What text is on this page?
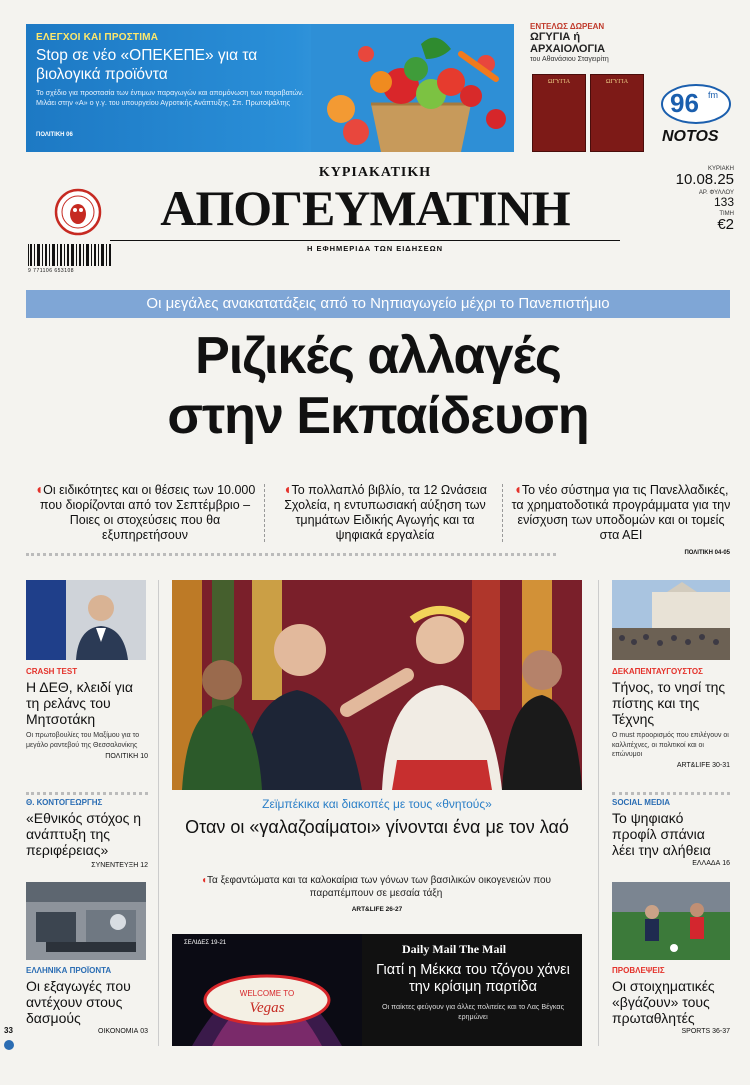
ΕΛΕΓΧΟΙ ΚΑΙ ΠΡΟΣΤΙΜΑ
Stop σε νέο «ΟΠΕΚΕΠΕ» για τα βιολογικά προϊόντα
Το σχέδιο για προστασία των έντιμων παραγωγών και απομόνωση των παραβατών. Μιλάει στην «Α» ο γ.γ. του υπουργείου Αγροτικής Ανάπτυξης, Σπ. Πρωτοψάλτης
ΠΟΛΙΤΙΚΗ 06
ΕΝΤΕΛΩΣ ΔΩΡΕΑΝ
ΩΓΥΓΙΑ ή ΑΡΧΑΙΟΛΟΓΙΑ
του Αθανάσιου Σταγειρίτη
ΩΓΥΓΙΑ	ΩΓΥΓΙΑ
96 fm
NOTOS
ΚΥΡΙΑΚΑΤΙΚΗ
ΑΠΟΓΕΥΜΑΤΙΝΗ
Η ΕΦΗΜΕΡΙΔΑ ΤΩΝ ΕΙΔΗΣΕΩΝ
9 771106 653108
ΚΥΡΙΑΚΗ
10.08.25
ΑΡ. ΦΥΛΛΟΥ
133
ΤΙΜΗ
€2
Οι μεγάλες ανακατατάξεις από το Νηπιαγωγείο μέχρι το Πανεπιστήμιο
Ριζικές αλλαγές
στην Εκπαίδευση
◖Οι ειδικότητες και οι θέσεις των 10.000 που διορίζονται από τον Σεπτέμβριο – Ποιες οι στοχεύσεις που θα εξυπηρετήσουν
◖Το πολλαπλό βιβλίο, τα 12 Ωνάσεια Σχολεία, η εντυπωσιακή αύξηση των τμημάτων Ειδικής Αγωγής και τα ψηφιακά εργαλεία
◖Το νέο σύστημα για τις Πανελλαδικές, τα χρηματοδοτικά προγράμματα για την ενίσχυση των υποδομών και οι τομείς στα ΑΕΙ
ΠΟΛΙΤΙΚΗ 04-05
CRASH TEST
Η ΔΕΘ, κλειδί για τη ρελάνς του Μητσοτάκη
Οι πρωτοβουλίες του Μαξίμου για το μεγάλο ραντεβού της Θεσσαλονίκης
ΠΟΛΙΤΙΚΗ 10
Θ. ΚΟΝΤΟΓΕΩΡΓΗΣ
«Εθνικός στόχος η ανάπτυξη της περιφέρειας»
ΣΥΝΕΝΤΕΥΞΗ 12
ΕΛΛΗΝΙΚΑ ΠΡΟΪΟΝΤΑ
Οι εξαγωγές που αντέχουν στους δασμούς
ΟΙΚΟΝΟΜΙΑ 03
Ζεϊμπέκικα και διακοπές με τους «θνητούς»
Οταν οι «γαλαζοαίματοι» γίνονται ένα με τον λαό
◖Τα ξεφαντώματα και τα καλοκαίρια των γόνων των βασιλικών οικογενειών που παραπέμπουν σε μεσαία τάξη
ART&LIFE 26-27
WELCOME TO
Vegas
ΣΕΛΙΔΕΣ 19-21	Daily Mail The Mail
Γιατί η Μέκκα του τζόγου χάνει την κρίσιμη παρτίδα
Οι παίκτες φεύγουν για άλλες πολιτείες και το Λας Βέγκας ερημώνει
ΔΕΚΑΠΕΝΤΑΥΓΟΥΣΤΟΣ
Τήνος, το νησί της πίστης και της Τέχνης
Ο must προορισμός που επιλέγουν οι καλλιτέχνες, οι πολιτικοί και οι επώνυμοι
ART&LIFE 30-31
SOCIAL MEDIA
Το ψηφιακό προφίλ σπάνια λέει την αλήθεια
ΕΛΛΑΔΑ 16
ΠΡΟΒΛΕΨΕΙΣ
Οι στοιχηματικές «βγάζουν» τους πρωταθλητές
SPORTS 36-37
33
